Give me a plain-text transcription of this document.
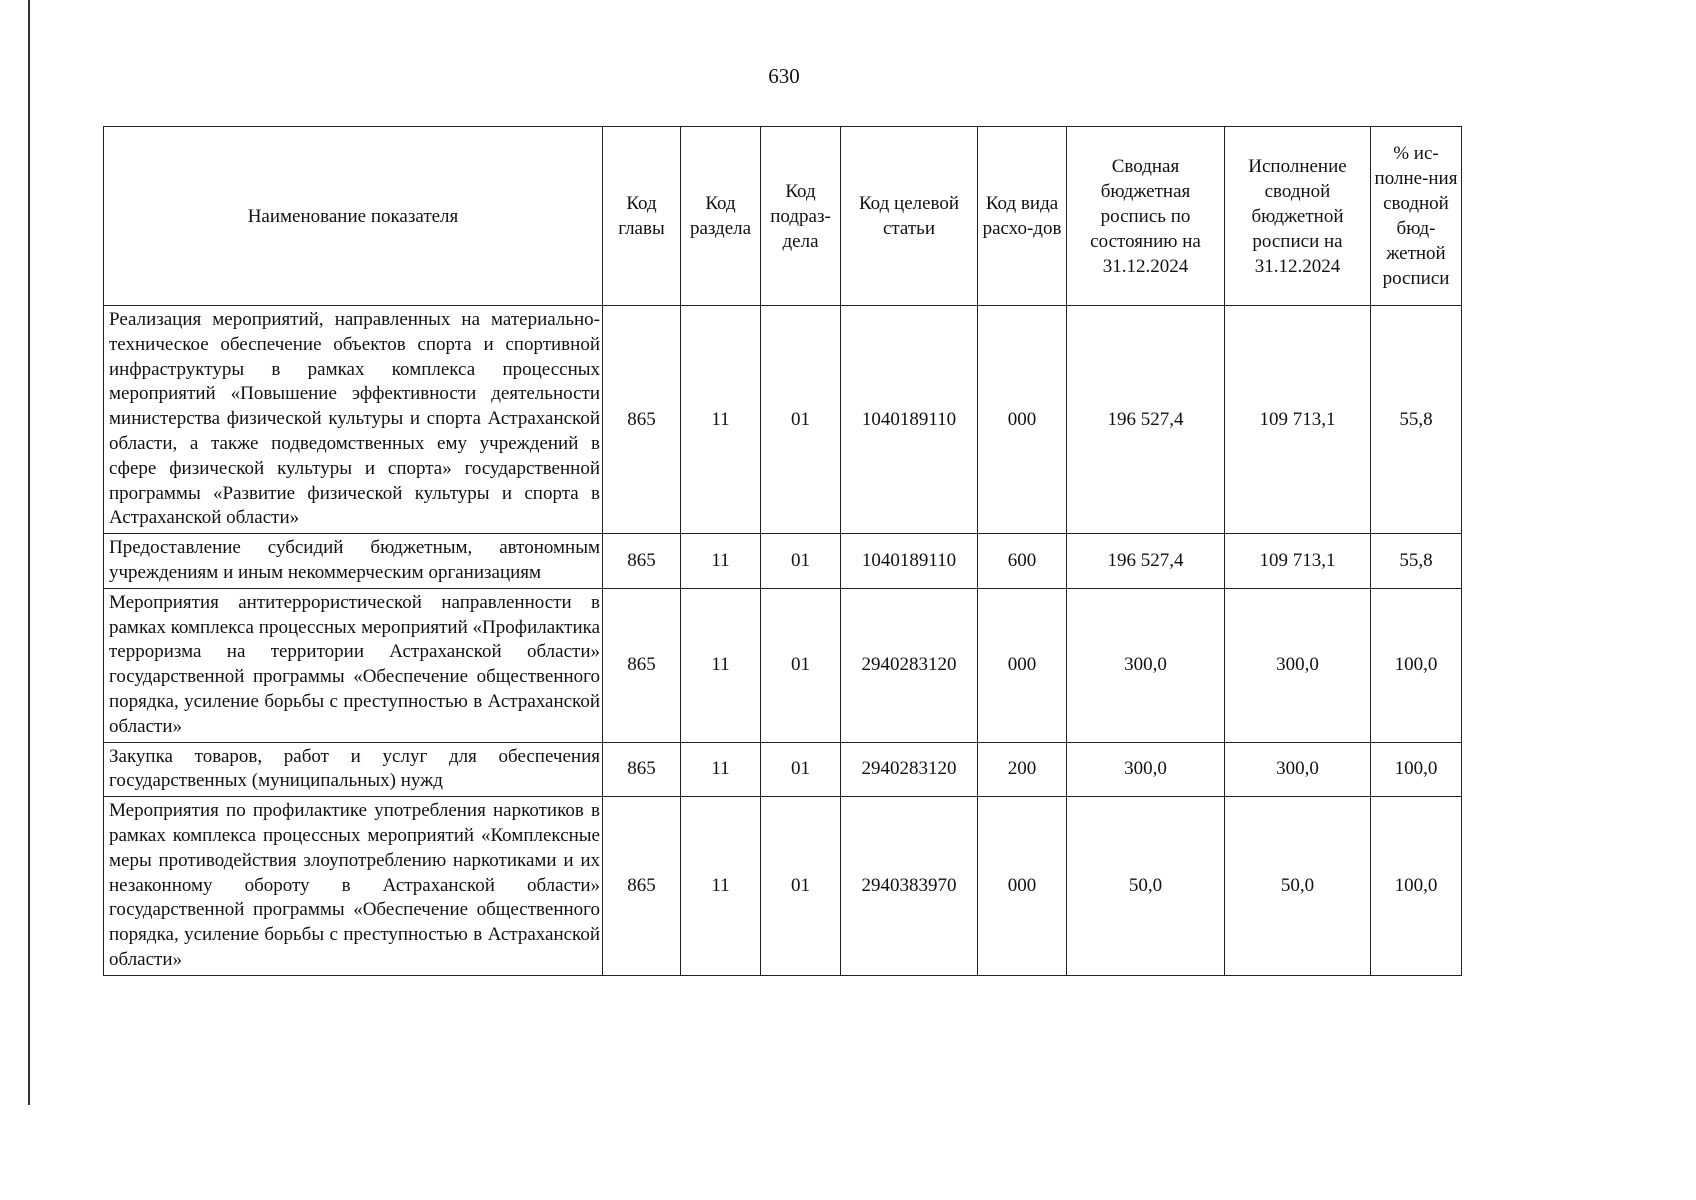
630
Наименование показателя	Код главы	Код раздела	Код подраз-дела	Код целевой статьи	Код вида расхо-дов	Сводная бюджетная роспись по состоянию на 31.12.2024	Исполнение сводной бюджетной росписи на 31.12.2024	% ис-полне-ния сводной бюд-жетной росписи
Реализация мероприятий, направленных на материально-техническое обеспечение объектов спорта и спортивной инфраструктуры в рамках комплекса процессных мероприятий «Повышение эффективности деятельности министерства физической культуры и спорта Астраханской области, а также подведомственных ему учреждений в сфере физической культуры и спорта» государственной программы «Развитие физической культуры и спорта в Астраханской области»	865	11	01	1040189110	000	196 527,4	109 713,1	55,8
Предоставление субсидий бюджетным, автономным учреждениям и иным некоммерческим организациям	865	11	01	1040189110	600	196 527,4	109 713,1	55,8
Мероприятия антитеррористической направленности в рамках комплекса процессных мероприятий «Профилактика терроризма на территории Астраханской области» государственной программы «Обеспечение общественного порядка, усиление борьбы с преступностью в Астраханской области»	865	11	01	2940283120	000	300,0	300,0	100,0
Закупка товаров, работ и услуг для обеспечения государственных (муниципальных) нужд	865	11	01	2940283120	200	300,0	300,0	100,0
Мероприятия по профилактике употребления наркотиков в рамках комплекса процессных мероприятий «Комплексные меры противодействия злоупотреблению наркотиками и их незаконному обороту в Астраханской области» государственной программы «Обеспечение общественного порядка, усиление борьбы с преступностью в Астраханской области»	865	11	01	2940383970	000	50,0	50,0	100,0
